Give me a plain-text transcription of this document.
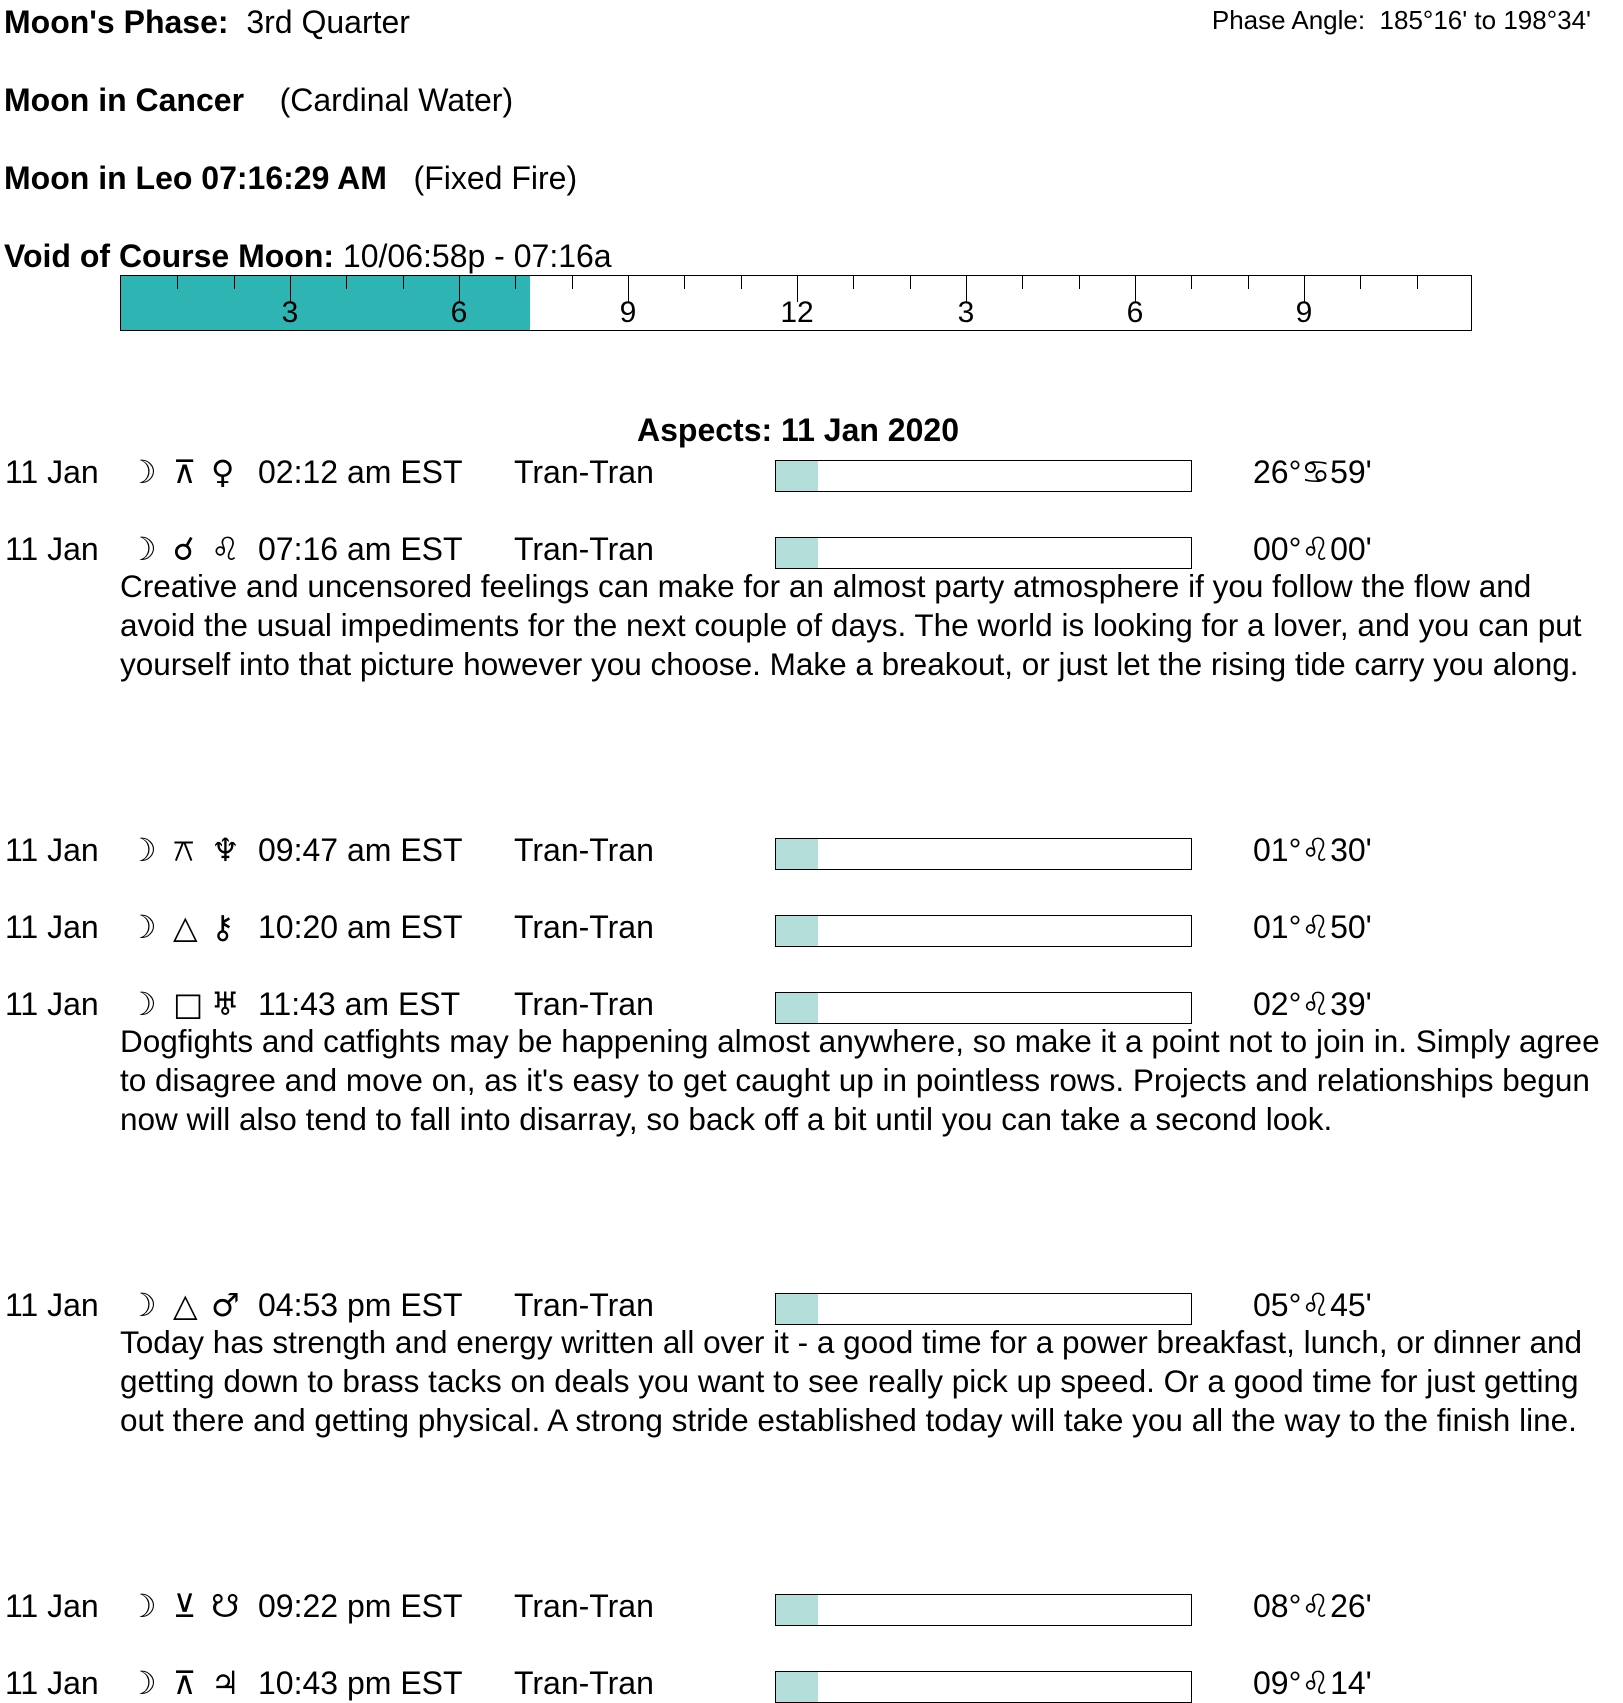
Moon's Phase: 3rd Quarter	Phase Angle: 185°16' to 198°34'
Moon in Cancer (Cardinal Water)
Moon in Leo 07:16:29 AM (Fixed Fire)
Void of Course Moon: 10/06:58p - 07:16a
3	6	9	12	3	6	9
Aspects: 11 Jan 2020
11 Jan ☽ ⊼ ♀ 02:12 am EST Tran-Tran	26°♋59'
11 Jan ☽ ☌ ♌ 07:16 am EST Tran-Tran	00°♌00'
Creative and uncensored feelings can make for an almost party atmosphere if you follow the flow and avoid the usual impediments for the next couple of days. The world is looking for a lover, and you can put yourself into that picture however you choose. Make a breakout, or just let the rising tide carry you along.
11 Jan ☽ ⚻ ♆ 09:47 am EST Tran-Tran	01°♌30'
11 Jan ☽ △ ⚷ 10:20 am EST Tran-Tran	01°♌50'
11 Jan ☽ □ ♅ 11:43 am EST Tran-Tran	02°♌39'
Dogfights and catfights may be happening almost anywhere, so make it a point not to join in. Simply agree to disagree and move on, as it's easy to get caught up in pointless rows. Projects and relationships begun now will also tend to fall into disarray, so back off a bit until you can take a second look.
11 Jan ☽ △ ♂ 04:53 pm EST Tran-Tran	05°♌45'
Today has strength and energy written all over it - a good time for a power breakfast, lunch, or dinner and getting down to brass tacks on deals you want to see really pick up speed. Or a good time for just getting out there and getting physical. A strong stride established today will take you all the way to the finish line.
11 Jan ☽ ⊻ ☋ 09:22 pm EST Tran-Tran	08°♌26'
11 Jan ☽ ⊼ ♃ 10:43 pm EST Tran-Tran	09°♌14'
